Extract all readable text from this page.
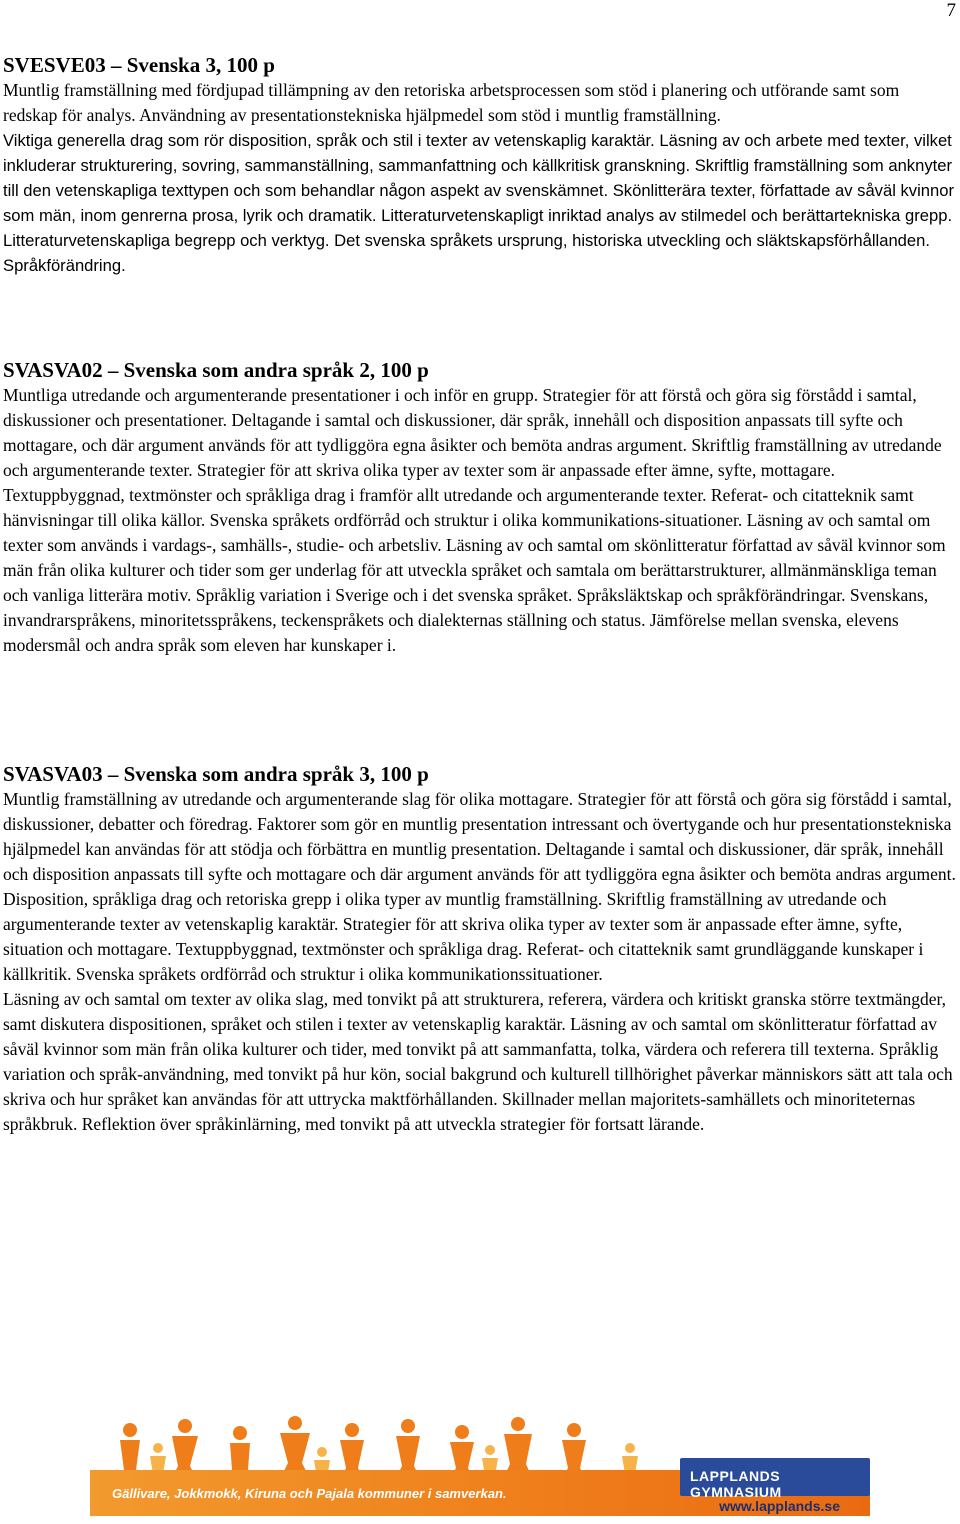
7
SVESVE03 – Svenska 3, 100 p

Muntlig framställning med fördjupad tillämpning av den retoriska arbetsprocessen som stöd i planering och utförande samt som redskap för analys. Användning av presentationstekniska hjälpmedel som stöd i muntlig framställning.

Viktiga generella drag som rör disposition, språk och stil i texter av vetenskaplig karaktär. Läsning av och arbete med texter, vilket inkluderar strukturering, sovring, sammanställning, sammanfattning och källkritisk granskning. Skriftlig framställning som anknyter till den vetenskapliga texttypen och som behandlar någon aspekt av svenskämnet. Skönlitterära texter, författade av såväl kvinnor som män, inom genrerna prosa, lyrik och dramatik. Litteraturvetenskapligt inriktad analys av stilmedel och berättartekniska grepp. Litteraturvetenskapliga begrepp och verktyg. Det svenska språkets ursprung, historiska utveckling och släktskapsförhållanden. Språkförändring.

SVASVA02 – Svenska som andra språk 2, 100 p

Muntliga utredande och argumenterande presentationer i och inför en grupp. Strategier för att förstå och göra sig förstådd i samtal, diskussioner och presentationer. Deltagande i samtal och diskussioner, där språk, innehåll och disposition anpassats till syfte och mottagare, och där argument används för att tydliggöra egna åsikter och bemöta andras argument. Skriftlig framställning av utredande och argumenterande texter. Strategier för att skriva olika typer av texter som är anpassade efter ämne, syfte, mottagare. Textuppbyggnad, textmönster och språkliga drag i framför allt utredande och argumenterande texter. Referat- och citatteknik samt hänvisningar till olika källor. Svenska språkets ordförråd och struktur i olika kommunikations-situationer. Läsning av och samtal om texter som används i vardags-, samhälls-, studie- och arbetsliv. Läsning av och samtal om skönlitteratur författad av såväl kvinnor som män från olika kulturer och tider som ger underlag för att utveckla språket och samtala om berättarstrukturer, allmänmänskliga teman och vanliga litterära motiv. Språklig variation i Sverige och i det svenska språket. Språksläktskap och språkförändringar. Svenskans, invandrarspråkens, minoritetsspråkens, teckenspråkets och dialekternas ställning och status. Jämförelse mellan svenska, elevens modersmål och andra språk som eleven har kunskaper i.

SVASVA03 – Svenska som andra språk 3, 100 p

Muntlig framställning av utredande och argumenterande slag för olika mottagare. Strategier för att förstå och göra sig förstådd i samtal, diskussioner, debatter och föredrag. Faktorer som gör en muntlig presentation intressant och övertygande och hur presentationstekniska hjälpmedel kan användas för att stödja och förbättra en muntlig presentation. Deltagande i samtal och diskussioner, där språk, innehåll och disposition anpassats till syfte och mottagare och där argument används för att tydliggöra egna åsikter och bemöta andras argument. Disposition, språkliga drag och retoriska grepp i olika typer av muntlig framställning. Skriftlig framställning av utredande och argumenterande texter av vetenskaplig karaktär. Strategier för att skriva olika typer av texter som är anpassade efter ämne, syfte, situation och mottagare. Textuppbyggnad, textmönster och språkliga drag. Referat- och citatteknik samt grundläggande kunskaper i källkritik. Svenska språkets ordförråd och struktur i olika kommunikationssituationer.

Läsning av och samtal om texter av olika slag, med tonvikt på att strukturera, referera, värdera och kritiskt granska större textmängder, samt diskutera dispositionen, språket och stilen i texter av vetenskaplig karaktär. Läsning av och samtal om skönlitteratur författad av såväl kvinnor som män från olika kulturer och tider, med tonvikt på att sammanfatta, tolka, värdera och referera till texterna. Språklig variation och språk-användning, med tonvikt på hur kön, social bakgrund och kulturell tillhörighet påverkar människors sätt att tala och skriva och hur språket kan användas för att uttrycka maktförhållanden. Skillnader mellan majoritets-samhällets och minoriteternas språkbruk. Reflektion över språkinlärning, med tonvikt på att utveckla strategier för fortsatt lärande.

LAPPLANDS GYMNASIUM
Gällivare, Jokkmokk, Kiruna och Pajala kommuner i samverkan.
www.lapplands.se
